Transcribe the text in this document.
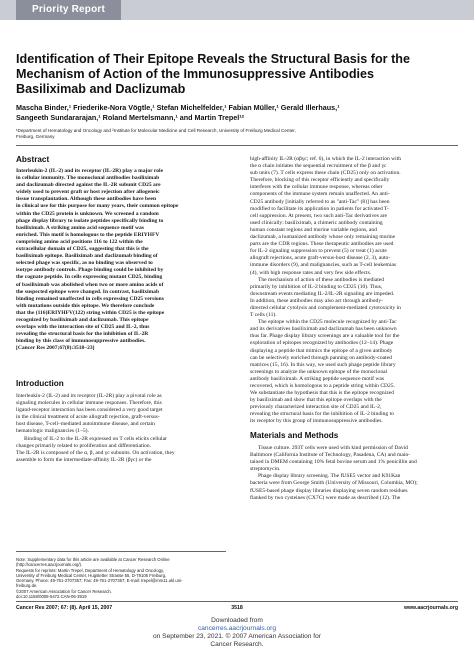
Priority Report
Identification of Their Epitope Reveals the Structural Basis for the
Mechanism of Action of the Immunosuppressive Antibodies
Basiliximab and Daclizumab
Mascha Binder,¹ Friederike-Nora Vögtle,¹ Stefan Michelfelder,¹ Fabian Müller,¹ Gerald Illerhaus,¹
Sangeeth Sundararajan,¹ Roland Mertelsmann,¹ and Martin Trepel¹²
¹Department of Hematology and Oncology and ²Institute for Molecular Medicine and Cell Research, University of Freiburg Medical Center,
Freiburg, Germany
Abstract
Interleukin-2 (IL-2) and its receptor (IL-2R) play a major role
in cellular immunity. The monoclonal antibodies basiliximab
and daclizumab directed against the IL-2R subunit CD25 are
widely used to prevent graft or host rejection after allogeneic
tissue transplantation. Although these antibodies have been
in clinical use for this purpose for many years, their common epitope
within the CD25 protein is unknown. We screened a random
phage display library to isolate peptides specifically binding to
basiliximab. A striking amino acid sequence motif was
enriched. This motif is homologous to the peptide ERIYHFV
comprising amino acid positions 116 to 122 within the
extracellular domain of CD25, suggesting that this is the
basiliximab epitope. Basiliximab and daclizumab binding of
selected phage was specific, as no binding was observed to
isotype antibody controls. Phage binding could be inhibited by
the cognate peptide. In cells expressing mutant CD25, binding
of basiliximab was abolished when two or more amino acids of
the suspected epitope were changed. In contrast, basiliximab
binding remained unaffected in cells expressing CD25 versions
with mutations outside this epitope. We therefore conclude
that the (116)ERIYHFV(122) string within CD25 is the epitope
recognized by basiliximab and daclizumab. This epitope
overlaps with the interaction site of CD25 and IL-2, thus
revealing the structural basis for the inhibition of IL-2R
binding by this class of immunosuppressive antibodies.
[Cancer Res 2007;67(8):3518–23]
Introduction
Interleukin-2 (IL-2) and its receptor (IL-2R) play a pivotal role as
signaling molecules in cellular immune responses. Therefore, this
ligand-receptor interaction has been considered a very good target
in the clinical treatment of acute allograft rejection, graft-versus-
host disease, T-cell–mediated autoimmune disease, and certain
hematologic malignancies (1–5).
Binding of IL-2 to the IL-2R expressed on T cells elicits cellular
changes primarily related to proliferation and differentiation.
The IL-2R is composed of the α, β, and γc subunits. On activation, they
assemble to form the intermediate-affinity IL-2R (βγc) or the
Note: Supplementary data for this article are available at Cancer Research Online
(http://cancerres.aacrjournals.org/).
Requests for reprints: Martin Trepel, Department of Hematology and Oncology,
University of Freiburg Medical Center, Hugstetter Strasse 55, D-79106 Freiburg,
Germany. Phone: 49-761-2707357; Fax: 49-761-2707357; E-mail: trepel@mm11.ukl.uni-
freiburg.de.
©2007 American Association for Cancer Research.
doi:10.1158/0008-5472.CAN-06-3919
high-affinity IL-2R (αβγc; ref. 6), in which the IL-2 interaction with
the α chain initiates the sequential recruitment of the β and γc
sub units (7). T cells express these chain (CD25) only on activation.
Therefore, blocking of this receptor efficiently and specifically
interferes with the cellular immune response, whereas other
components of the immune system remain unaffected. An anti-
CD25 antibody [initially referred to as "anti-Tac" (8)] has been
modified to facilitate its application in patients for activated T-
cell suppression. At present, two such anti-Tac derivatives are
used clinically: basiliximab, a chimeric antibody containing
human constant regions and murine variable regions, and
daclizumab, a humanized antibody whose only remaining murine
parts are the CDR regions. These therapeutic antibodies are used
for IL-2 signaling suppression to prevent (5) or treat (1) acute
allograft rejections, acute graft-versus-host disease (2, 3), auto-
immune disorders (9), and malignancies, such as T-cell leukemias
(4), with high response rates and very few side effects.
The mechanism of action of these antibodies is mediated
primarily by inhibition of IL-2 binding to CD25 (10). Thus,
downstream events mediating IL-2/IL-2R signaling are impeded.
In addition, these antibodies may also act through antibody-
directed cellular cytolysis and complement-mediated cytotoxicity in
T cells (11).
The epitope within the CD25 molecule recognized by anti-Tac
and its derivatives basiliximab and daclizumab has been unknown
thus far. Phage display library screenings are a valuable tool for the
exploration of epitopes recognized by antibodies (12–14). Phage
displaying a peptide that mimics the epitope of a given antibody
can be selectively enriched through panning on antibody-coated
matrices (15, 16). In this way, we used such phage peptide library
screenings to analyze the unknown epitope of the monoclonal
antibody basiliximab. A striking peptide sequence motif was
recovered, which is homologous to a peptide string within CD25.
We substantiate the hypothesis that this is the epitope recognized
by basiliximab and show that this epitope overlaps with the
previously characterized interaction site of CD25 and IL-2,
revealing the structural basis for the inhibition of IL-2 binding to
its receptor by this group of immunosuppressive antibodies.
Materials and Methods
Tissue culture. 293T cells were used with kind permission of David
Baltimore (California Institute of Technology, Pasadena, CA) and main-
tained in DMEM containing 10% fetal bovine serum and 1% penicillin and
streptomycin.
Phage display library screening. The fUSE5 vector and K91Kan
bacteria were from George Smith (University of Missouri, Columbia, MO);
fUSE5-based phage display libraries displaying seven random residues
flanked by two cysteines (CX7C) were made as described (12). The
Cancer Res 2007; 67: (8). April 15, 2007	3518	www.aacrjournals.org
Downloaded from
cancerres.aacrjournals.org
on September 23, 2021. © 2007 American Association for
Cancer Research.
